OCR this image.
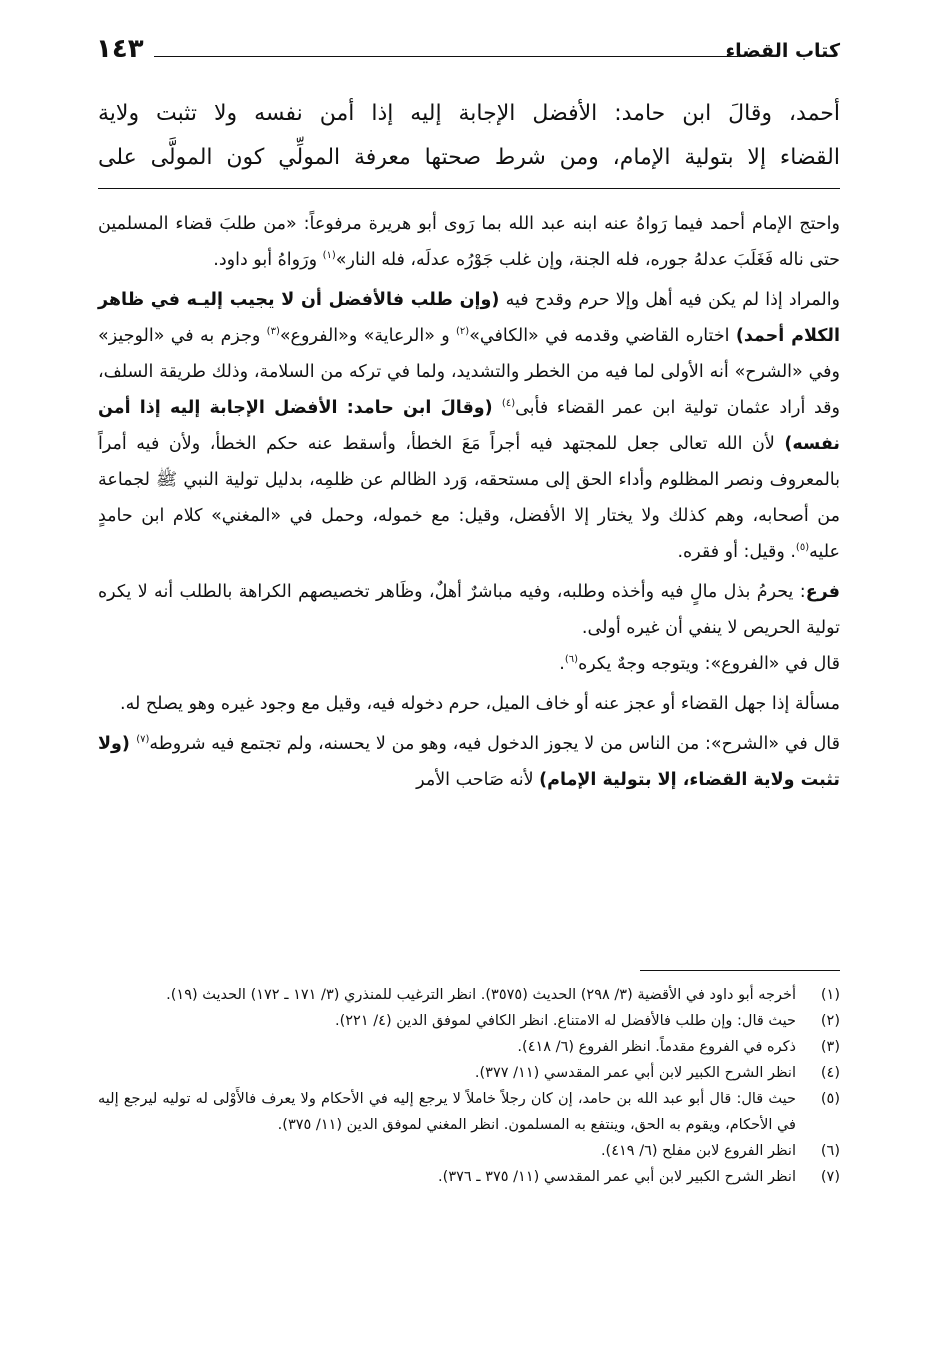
كتاب القضاء
١٤٣

أحمد، وقالَ ابن حامد: الأفضل الإجابة إليه إذا أمن نفسه ولا تثبت ولاية

القضاء إلا بتولية الإمام، ومن شرط صحتها معرفة المولِّي كون المولَّى على

واحتج الإمام أحمد فيما رَواهُ عنه ابنه عبد الله بما رَوى أبو هريرة مرفوعاً: «من طلبَ قضاء المسلمين حتى ناله فَغَلَبَ عدلهُ جوره، فله الجنة، وإن غلب جَوْرُه عدلَه، فله النار»$^{(١)}$ ورَواهُ أبو داود.

والمراد إذا لم يكن فيه أهل وإلا حرم وقدح فيه (وإن طلب فالأفضل أن لا يجيب إليـه في ظاهر الكلام أحمد) اختاره القاضي وقدمه في «الكافي»$^{(٢)}$ و «الرعاية» و«الفروع»$^{(٣)}$ وجزم به في «الوجيز» وفي «الشرح» أنه الأولى لما فيه من الخطر والتشديد، ولما في تركه من السلامة، وذلك طريقة السلف، وقد أراد عثمان تولية ابن عمر القضاء فأبى$^{(٤)}$ (وقالَ ابن حامد: الأفضل الإجابة إليه إذا أمن نفسه) لأن الله تعالى جعل للمجتهد فيه أجراً مَعَ الخطأ، وأسقط عنه حكم الخطأ، ولأن فيه أمراً بالمعروف ونصر المظلوم وأداء الحق إلى مستحقه، وَرد الظالم عن ظلمِه، بدليل تولية النبي ﷺ لجماعة من أصحابه، وهم كذلك ولا يختار إلا الأفضل، وقيل: مع خموله، وحمل في «المغني» كلام ابن حامدٍ عليه$^{(٥)}$. وقيل: أو فقره.

فرع: يحرمُ بذل مالٍ فيه وأخذه وطلبه، وفيه مباشرٌ أهلٌ، وظَاهر تخصيصهم الكراهة بالطلب أنه لا يكره تولية الحريص لا ينفي أن غيره أولى.

قال في «الفروع»: ويتوجه وجهٌ يكره$^{(٦)}$.

مسألة إذا جهل القضاء أو عجز عنه أو خاف الميل، حرم دخوله فيه، وقيل مع وجود غيره وهو يصلح له.

قال في «الشرح»: من الناس من لا يجوز الدخول فيه، وهو من لا يحسنه، ولم تجتمع فيه شروطه$^{(٧)}$ (ولا تثبت ولاية القضاء، إلا بتولية الإمام) لأنه صَاحب الأمر

(١)
أخرجه أبو داود في الأقضية (٣/ ٢٩٨) الحديث (٣٥٧٥). انظر الترغيب للمنذري (٣/ ١٧١ ـ ١٧٢) الحديث (١٩).
(٢)
حيث قال: وإن طلب فالأفضل له الامتناع. انظر الكافي لموفق الدين (٤/ ٢٢١).
(٣)
ذكره في الفروع مقدماً. انظر الفروع (٦/ ٤١٨).
(٤)
انظر الشرح الكبير لابن أبي عمر المقدسي (١١/ ٣٧٧).
(٥)
حيث قال: قال أبو عبد الله بن حامد، إن كان رجلاً خاملاً لا يرجع إليه في الأحكام ولا يعرف فالأَوْلى له توليه ليرجع إليه في الأحكام، ويقوم به الحق، وينتفع به المسلمون. انظر المغني لموفق الدين (١١/ ٣٧٥).
(٦)
انظر الفروع لابن مفلح (٦/ ٤١٩).
(٧)
انظر الشرح الكبير لابن أبي عمر المقدسي (١١/ ٣٧٥ ـ ٣٧٦).
